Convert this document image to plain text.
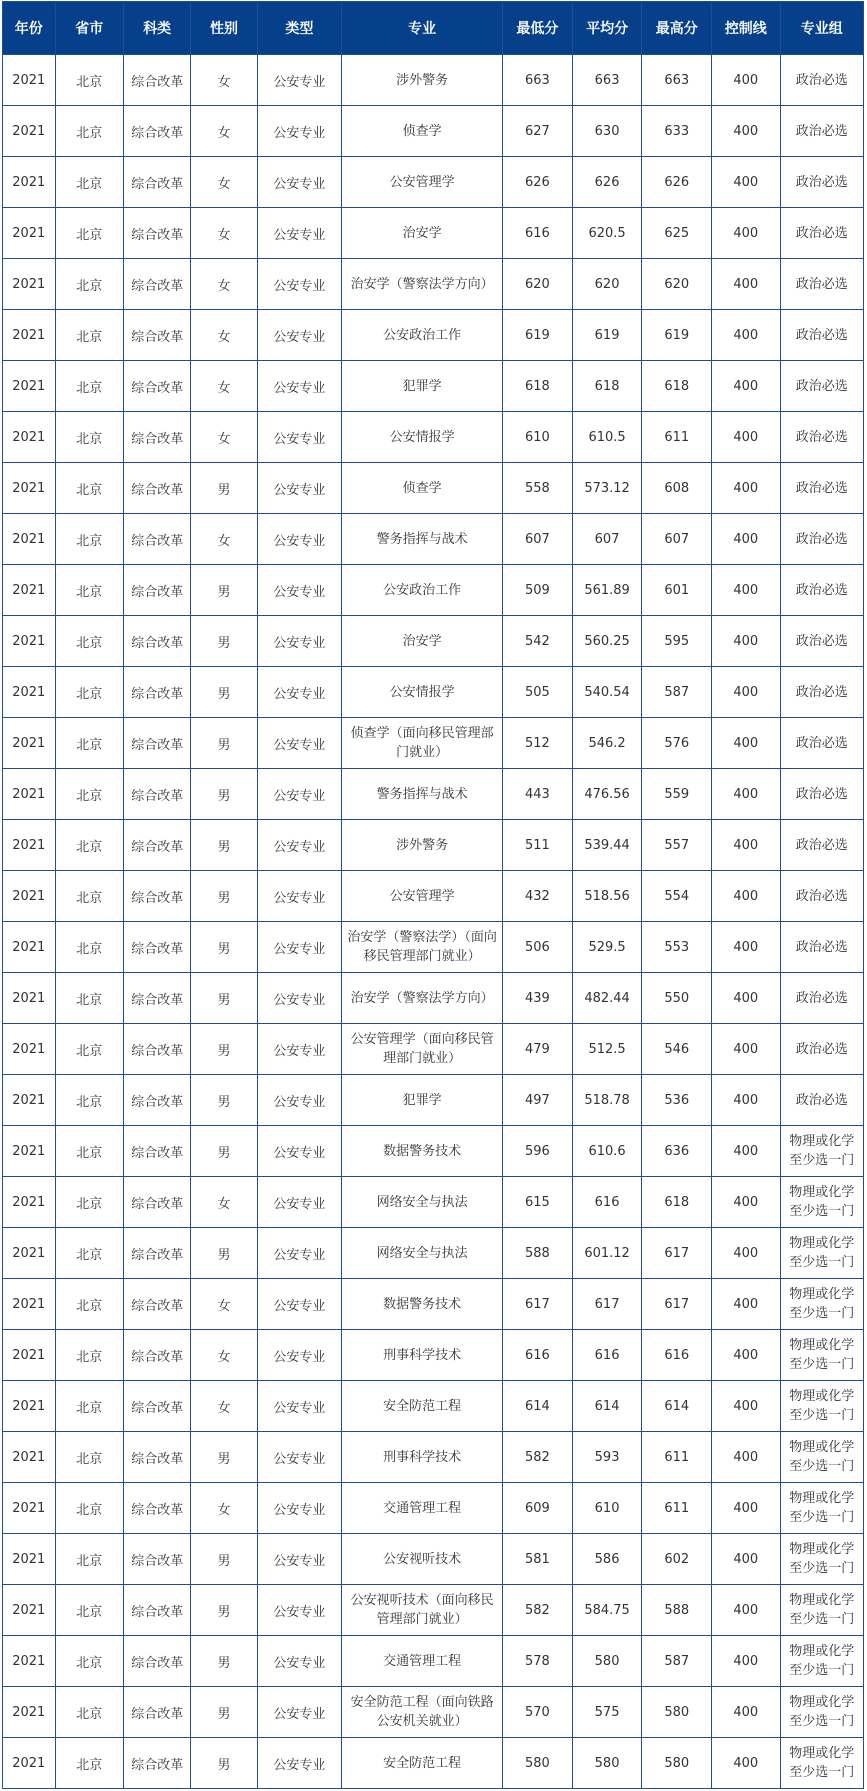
年份	省市	科类	性别	类型	专业	最低分	平均分	最高分	控制线	专业组
2021	北京	综合改革	女	公安专业	涉外警务	663	663	663	400	政治必选
2021	北京	综合改革	女	公安专业	侦查学	627	630	633	400	政治必选
2021	北京	综合改革	女	公安专业	公安管理学	626	626	626	400	政治必选
2021	北京	综合改革	女	公安专业	治安学	616	620.5	625	400	政治必选
2021	北京	综合改革	女	公安专业	治安学（警察法学方向）	620	620	620	400	政治必选
2021	北京	综合改革	女	公安专业	公安政治工作	619	619	619	400	政治必选
2021	北京	综合改革	女	公安专业	犯罪学	618	618	618	400	政治必选
2021	北京	综合改革	女	公安专业	公安情报学	610	610.5	611	400	政治必选
2021	北京	综合改革	男	公安专业	侦查学	558	573.12	608	400	政治必选
2021	北京	综合改革	女	公安专业	警务指挥与战术	607	607	607	400	政治必选
2021	北京	综合改革	男	公安专业	公安政治工作	509	561.89	601	400	政治必选
2021	北京	综合改革	男	公安专业	治安学	542	560.25	595	400	政治必选
2021	北京	综合改革	男	公安专业	公安情报学	505	540.54	587	400	政治必选
2021	北京	综合改革	男	公安专业	侦查学（面向移民管理部门就业）	512	546.2	576	400	政治必选
2021	北京	综合改革	男	公安专业	警务指挥与战术	443	476.56	559	400	政治必选
2021	北京	综合改革	男	公安专业	涉外警务	511	539.44	557	400	政治必选
2021	北京	综合改革	男	公安专业	公安管理学	432	518.56	554	400	政治必选
2021	北京	综合改革	男	公安专业	治安学（警察法学）（面向移民管理部门就业）	506	529.5	553	400	政治必选
2021	北京	综合改革	男	公安专业	治安学（警察法学方向）	439	482.44	550	400	政治必选
2021	北京	综合改革	男	公安专业	公安管理学（面向移民管理部门就业）	479	512.5	546	400	政治必选
2021	北京	综合改革	男	公安专业	犯罪学	497	518.78	536	400	政治必选
2021	北京	综合改革	男	公安专业	数据警务技术	596	610.6	636	400	物理或化学至少选一门
2021	北京	综合改革	女	公安专业	网络安全与执法	615	616	618	400	物理或化学至少选一门
2021	北京	综合改革	男	公安专业	网络安全与执法	588	601.12	617	400	物理或化学至少选一门
2021	北京	综合改革	女	公安专业	数据警务技术	617	617	617	400	物理或化学至少选一门
2021	北京	综合改革	女	公安专业	刑事科学技术	616	616	616	400	物理或化学至少选一门
2021	北京	综合改革	女	公安专业	安全防范工程	614	614	614	400	物理或化学至少选一门
2021	北京	综合改革	男	公安专业	刑事科学技术	582	593	611	400	物理或化学至少选一门
2021	北京	综合改革	女	公安专业	交通管理工程	609	610	611	400	物理或化学至少选一门
2021	北京	综合改革	男	公安专业	公安视听技术	581	586	602	400	物理或化学至少选一门
2021	北京	综合改革	男	公安专业	公安视听技术（面向移民管理部门就业）	582	584.75	588	400	物理或化学至少选一门
2021	北京	综合改革	男	公安专业	交通管理工程	578	580	587	400	物理或化学至少选一门
2021	北京	综合改革	男	公安专业	安全防范工程（面向铁路公安机关就业）	570	575	580	400	物理或化学至少选一门
2021	北京	综合改革	男	公安专业	安全防范工程	580	580	580	400	物理或化学至少选一门
